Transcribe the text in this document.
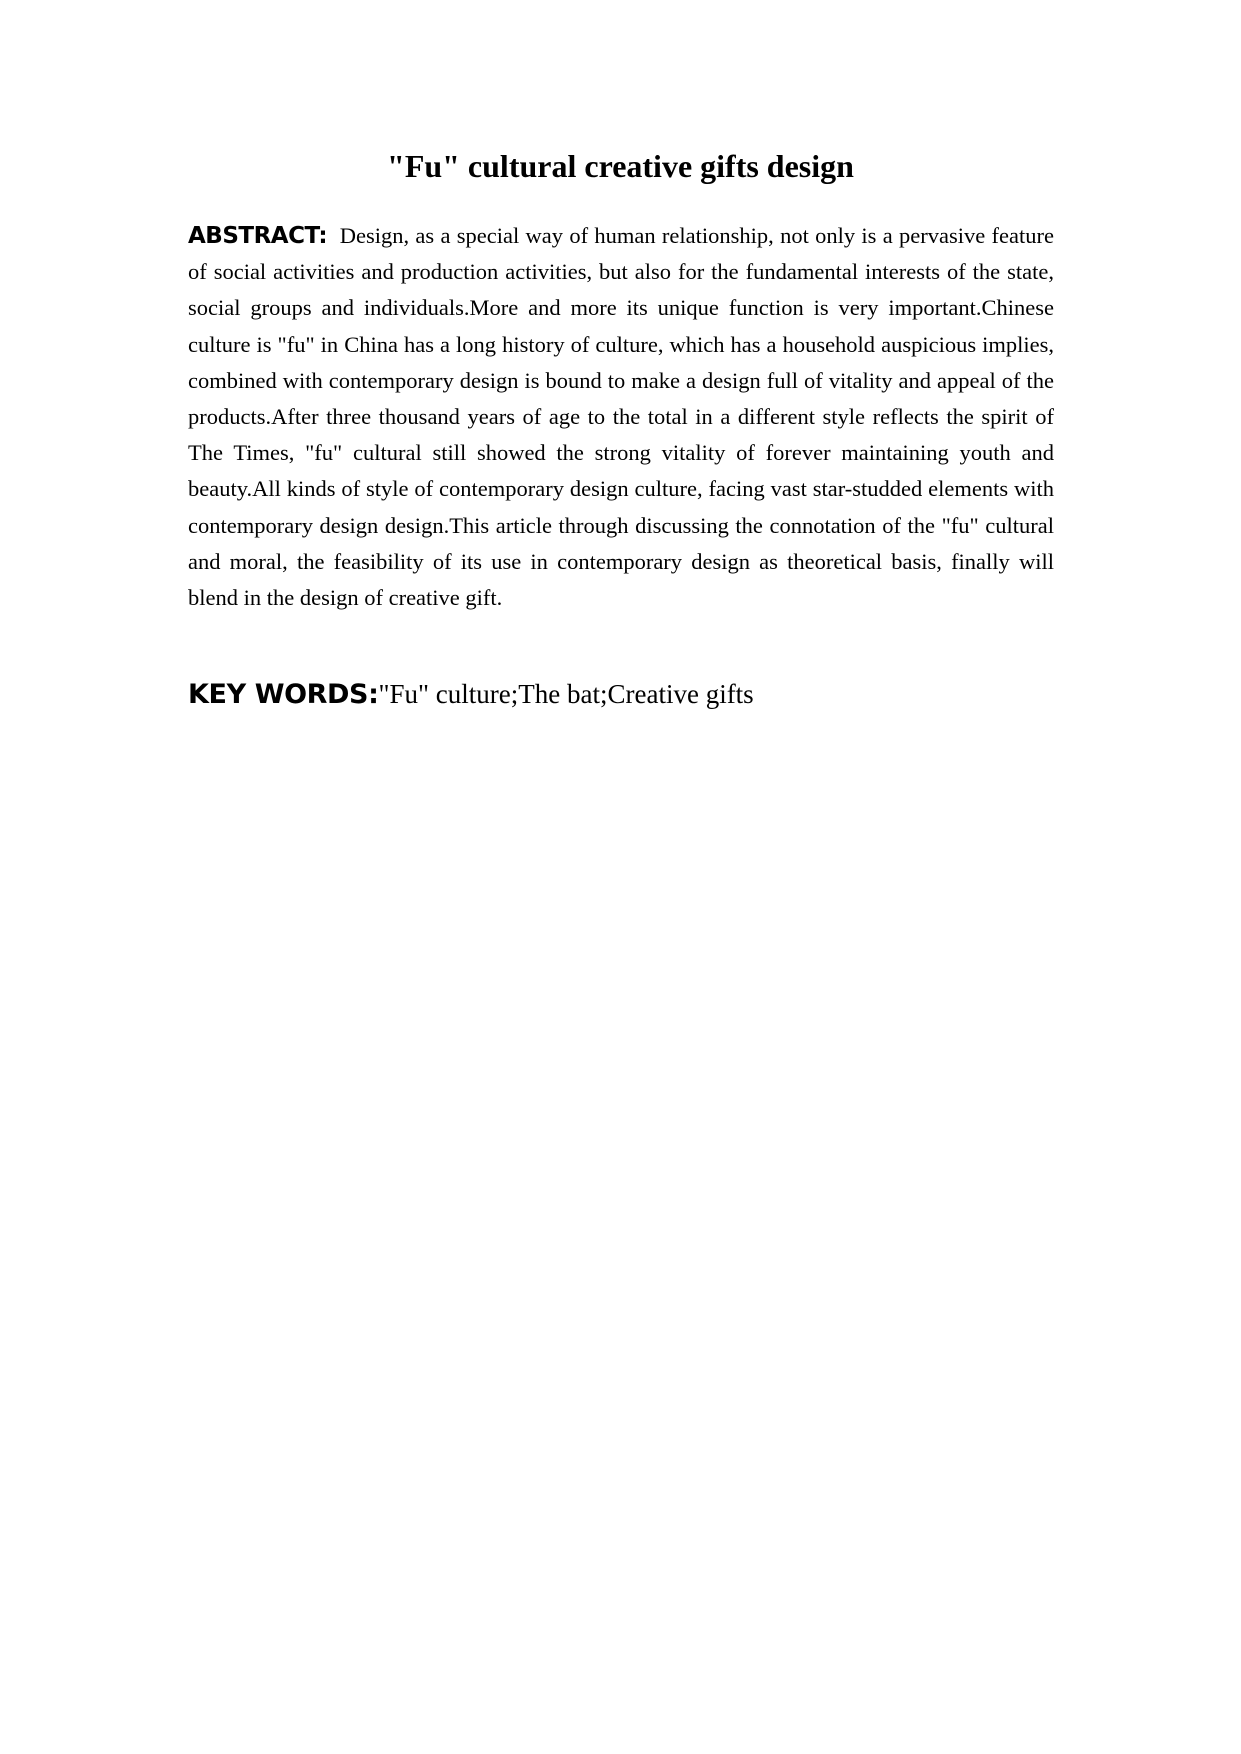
"Fu" cultural creative gifts design

ABSTRACT: Design, as a special way of human relationship, not only is a pervasive feature of social activities and production activities, but also for the fundamental interests of the state, social groups and individuals.More and more its unique function is very important.Chinese culture is "fu" in China has a long history of culture, which has a household auspicious implies, combined with contemporary design is bound to make a design full of vitality and appeal of the products.After three thousand years of age to the total in a different style reflects the spirit of The Times, "fu" cultural still showed the strong vitality of forever maintaining youth and beauty.All kinds of style of contemporary design culture, facing vast star-studded elements with contemporary design design.This article through discussing the connotation of the "fu" cultural and moral, the feasibility of its use in contemporary design as theoretical basis, finally will blend in the design of creative gift.

KEY WORDS:"Fu" culture;The bat;Creative gifts
